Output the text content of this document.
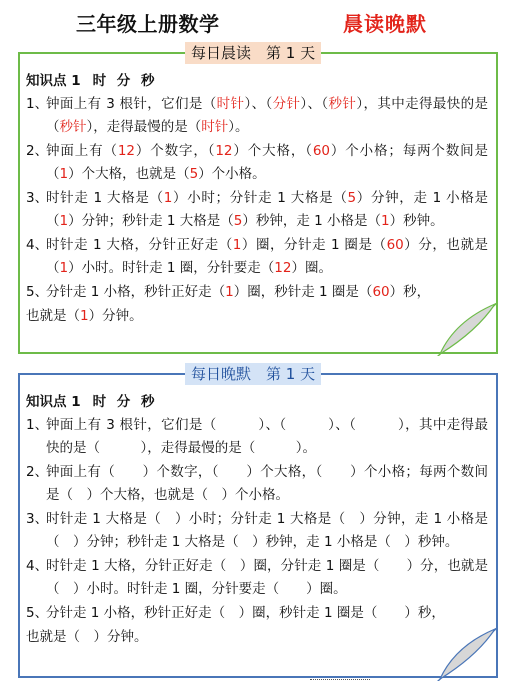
三年级上册数学	晨读晚默
每日晨读　第 1 天
知识点 1 时 分 秒
1、
钟面上有 3 根针，它们是（时针）、（分针）、（秒针），其中走得最快的是（秒针），走得最慢的是（时针）。
2、
钟面上有（12）个数字，（12）个大格，（60）个小格；每两个数间是（1）个大格，也就是（5）个小格。
3、
时针走 1 大格是（1）小时；分针走 1 大格是（5）分钟，走 1 小格是（1）分钟；秒针走 1 大格是（5）秒钟，走 1 小格是（1）秒钟。
4、
时针走 1 大格，分针正好走（1）圈，分针走 1 圈是（60）分，也就是（1）小时。时针走 1 圈，分针要走（12）圈。
5、
分针走 1 小格，秒针正好走（1）圈，秒针走 1 圈是（60）秒，
也就是（1）分钟。
每日晚默　第 1 天
知识点 1 时 分 秒
1、
钟面上有 3 根针，它们是（　　　）、（　　　）、（　　　），其中走得最快的是（　　　），走得最慢的是（　　　）。
2、
钟面上有（　　）个数字，（　　）个大格，（　　）个小格；每两个数间是（　）个大格，也就是（　）个小格。
3、
时针走 1 大格是（　）小时；分针走 1 大格是（　）分钟，走 1 小格是（　）分钟；秒针走 1 大格是（　）秒钟，走 1 小格是（　）秒钟。
4、
时针走 1 大格，分针正好走（　）圈，分针走 1 圈是（　　）分，也就是（　）小时。时针走 1 圈，分针要走（　　）圈。
5、
分针走 1 小格，秒针正好走（　）圈，秒针走 1 圈是（　　）秒，
也就是（　）分钟。
